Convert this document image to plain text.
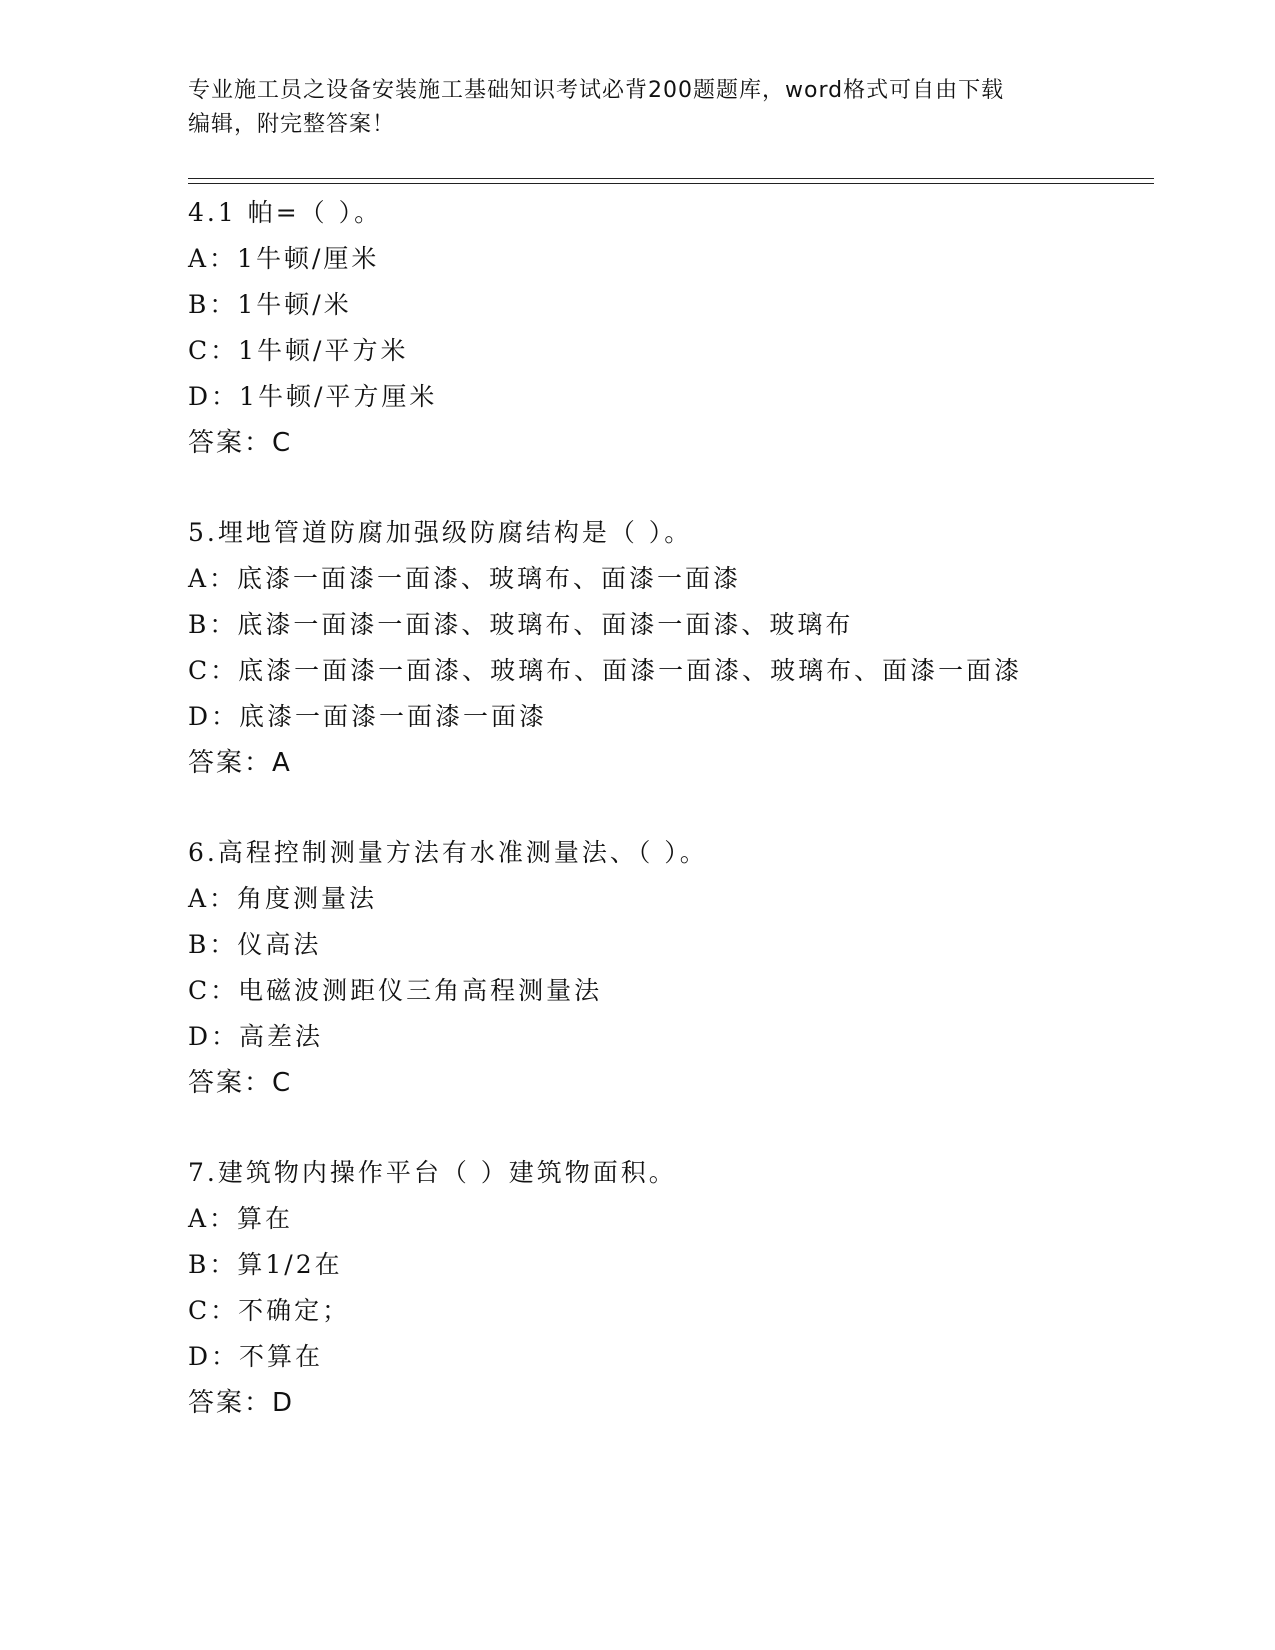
专业施工员之设备安装施工基础知识考试必背200题题库，word格式可自由下载
编辑，附完整答案！
4.1 帕=（ ）。
A：1牛顿/厘米
B：1牛顿/米
C：1牛顿/平方米
D：1牛顿/平方厘米
答案：C
5.埋地管道防腐加强级防腐结构是（ ）。
A：底漆一面漆一面漆、玻璃布、面漆一面漆
B：底漆一面漆一面漆、玻璃布、面漆一面漆、玻璃布
C：底漆一面漆一面漆、玻璃布、面漆一面漆、玻璃布、面漆一面漆
D：底漆一面漆一面漆一面漆
答案：A
6.高程控制测量方法有水准测量法、（ ）。
A：角度测量法
B：仪高法
C：电磁波测距仪三角高程测量法
D：高差法
答案：C
7.建筑物内操作平台（ ）建筑物面积。
A：算在
B：算1/2在
C：不确定；
D：不算在
答案：D
